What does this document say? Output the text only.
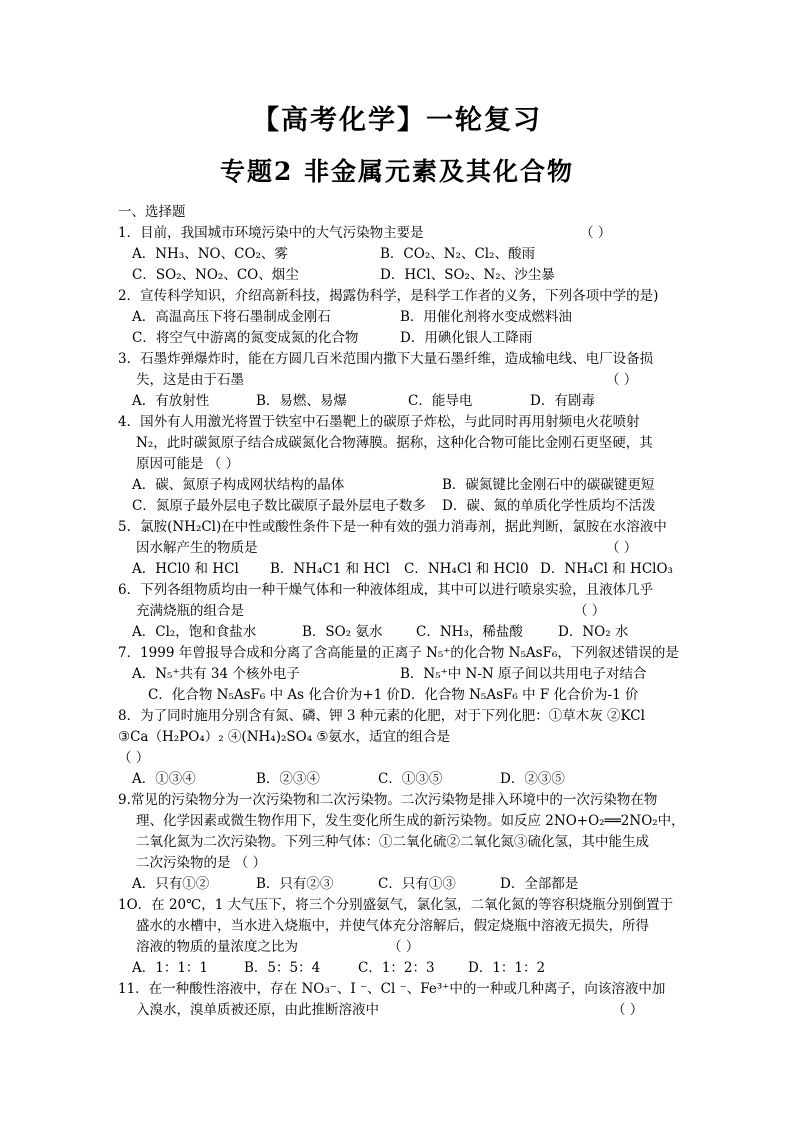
【高考化学】一轮复习
专题2 非金属元素及其化合物
一、选择题
1．目前，我国城市环境污染中的大气污染物主要是	（ ）
A．NH₃、NO、CO₂、雾	B．CO₂、N₂、Cl₂、酸雨
C．SO₂、NO₂、CO、烟尘	D．HCl、SO₂、N₂、沙尘暴
2．宣传科学知识，介绍高新科技，揭露伪科学，是科学工作者的义务，下列各项中学的是)
A．高温高压下将石墨制成金刚石	B．用催化剂将水变成燃料油
C．将空气中游离的氮变成氮的化合物	D．用碘化银人工降雨
3．石墨炸弹爆炸时，能在方圆几百米范围内撒下大量石墨纤维，造成输电线、电厂设备损
失，这是由于石墨	（ ）
A．有放射性	B．易燃、易爆	C．能导电	D．有剧毒
4．国外有人用激光将置于铁室中石墨靶上的碳原子炸松，与此同时再用射频电火花喷射
N₂，此时碳氮原子结合成碳氮化合物薄膜。据称，这种化合物可能比金刚石更坚硬，其
原因可能是 （ ）
A．碳、氮原子构成网状结构的晶体	B．碳氮键比金刚石中的碳碳键更短
C．氮原子最外层电子数比碳原子最外层电子数多 D．碳、氮的单质化学性质均不活泼
5．氯胺(NH₂Cl)在中性或酸性条件下是一种有效的强力消毒剂，据此判断，氯胺在水溶液中
因水解产生的物质是	（ ）
A．HCl0 和 HCl B．NH₄C1 和 HCl C．NH₄Cl 和 HCl0 D．NH₄Cl 和 HClO₃
6．下列各组物质均由一种干燥气体和一种液体组成，其中可以进行喷泉实验，且液体几乎
充满烧瓶的组合是	（ ）
A．Cl₂，饱和食盐水	B．SO₂ 氨水 C．NH₃，稀盐酸	D．NO₂ 水
7．1999 年曾报导合成和分离了含高能量的正离子 N₅⁺的化合物 N₅AsF₆，下列叙述错误的是
A．N₅⁺共有 34 个核外电子	B．N₅⁺中 N-N 原子间以共用电子对结合
C．化合物 N₅AsF₆ 中 As 化合价为+1 价D．化合物 N₅AsF₆ 中 F 化合价为-1 价
8．为了同时施用分别含有氮、磷、钾 3 种元素的化肥，对于下列化肥：①草木灰 ②KCl
③Ca（H₂PO₄）₂ ④(NH₄)₂SO₄ ⑤氨水，适宜的组合是
（ ）
A．①③④	B．②③④	C．①③⑤	D．②③⑤
9.常见的污染物分为一次污染物和二次污染物。二次污染物是排入环境中的一次污染物在物
理、化学因素或微生物作用下，发生变化所生成的新污染物。如反应 2NO+O₂══2NO₂中，
二氧化氮为二次污染物。下列三种气体：①二氧化硫②二氧化氮③硫化氢，其中能生成
二次污染物的是 （ ）
A．只有①②	B．只有②③	C．只有①③	D．全部都是
1O．在 20℃，1 大气压下，将三个分别盛氨气，氯化氢，二氧化氮的等容积烧瓶分别倒置于
盛水的水槽中，当水进入烧瓶中，并使气体充分溶解后，假定烧瓶中溶液无损失，所得
溶液的物质的量浓度之比为	（ ）
A．1：1：1	B．5：5：4	C．1：2：3 D．1：1：2
11．在一种酸性溶液中，存在 NO₃⁻、I ⁻、Cl ⁻、Fe³⁺中的一种或几种离子，向该溶液中加
入溴水，溴单质被还原，由此推断溶液中	（ ）
